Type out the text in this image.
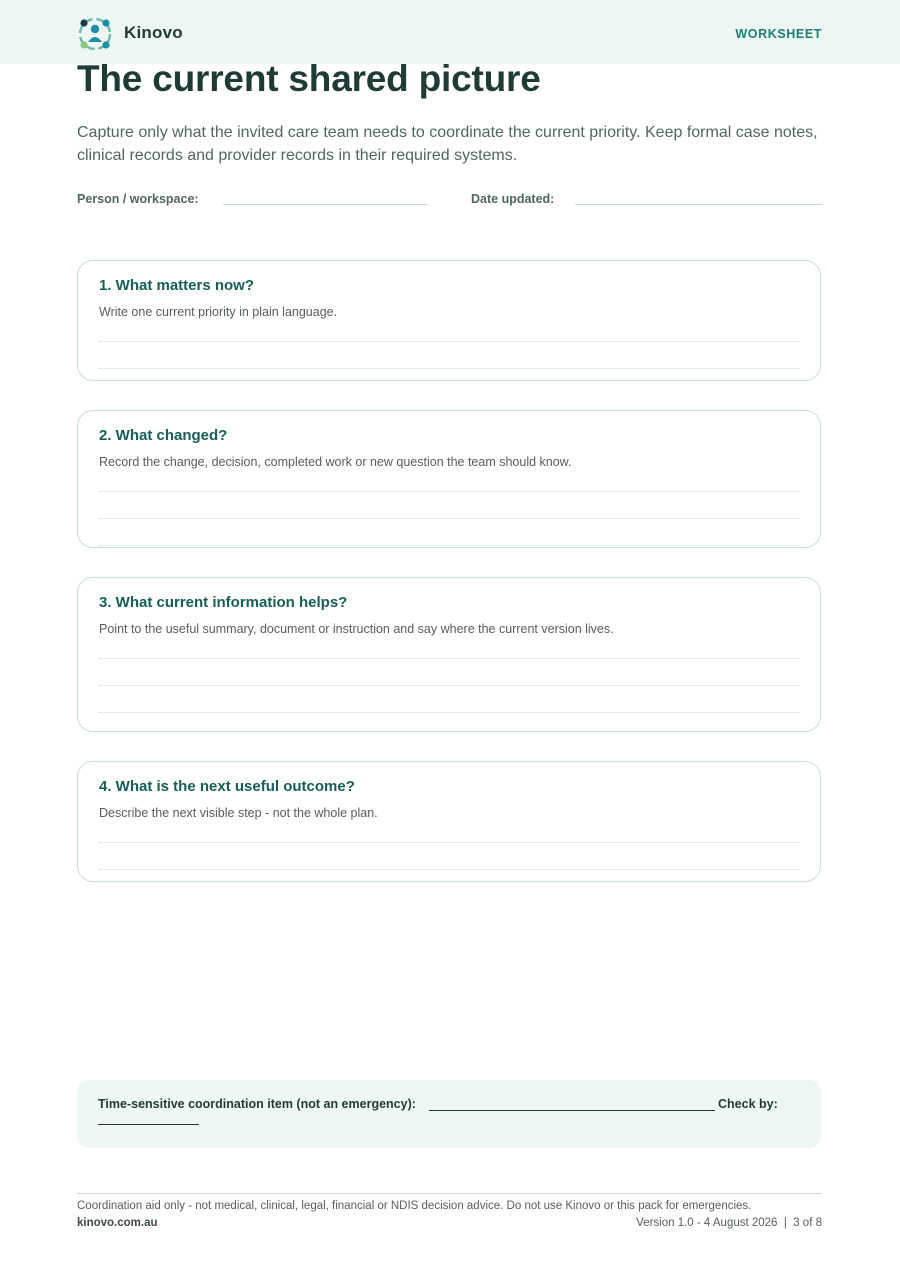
Kinovo	WORKSHEET
The current shared picture

Capture only what the invited care team needs to coordinate the current priority. Keep formal case notes, clinical records and provider records in their required systems.

Person / workspace:	Date updated:
1. What matters now?

Write one current priority in plain language.

2. What changed?

Record the change, decision, completed work or new question the team should know.

3. What current information helps?

Point to the useful summary, document or instruction and say where the current version lives.

4. What is the next useful outcome?

Describe the next visible step - not the whole plan.

Time-sensitive coordination item (not an emergency):	Check by:
Coordination aid only - not medical, clinical, legal, financial or NDIS decision advice. Do not use Kinovo or this pack for emergencies.
kinovo.com.au	Version 1.0 - 4 August 2026  |  3 of 8
